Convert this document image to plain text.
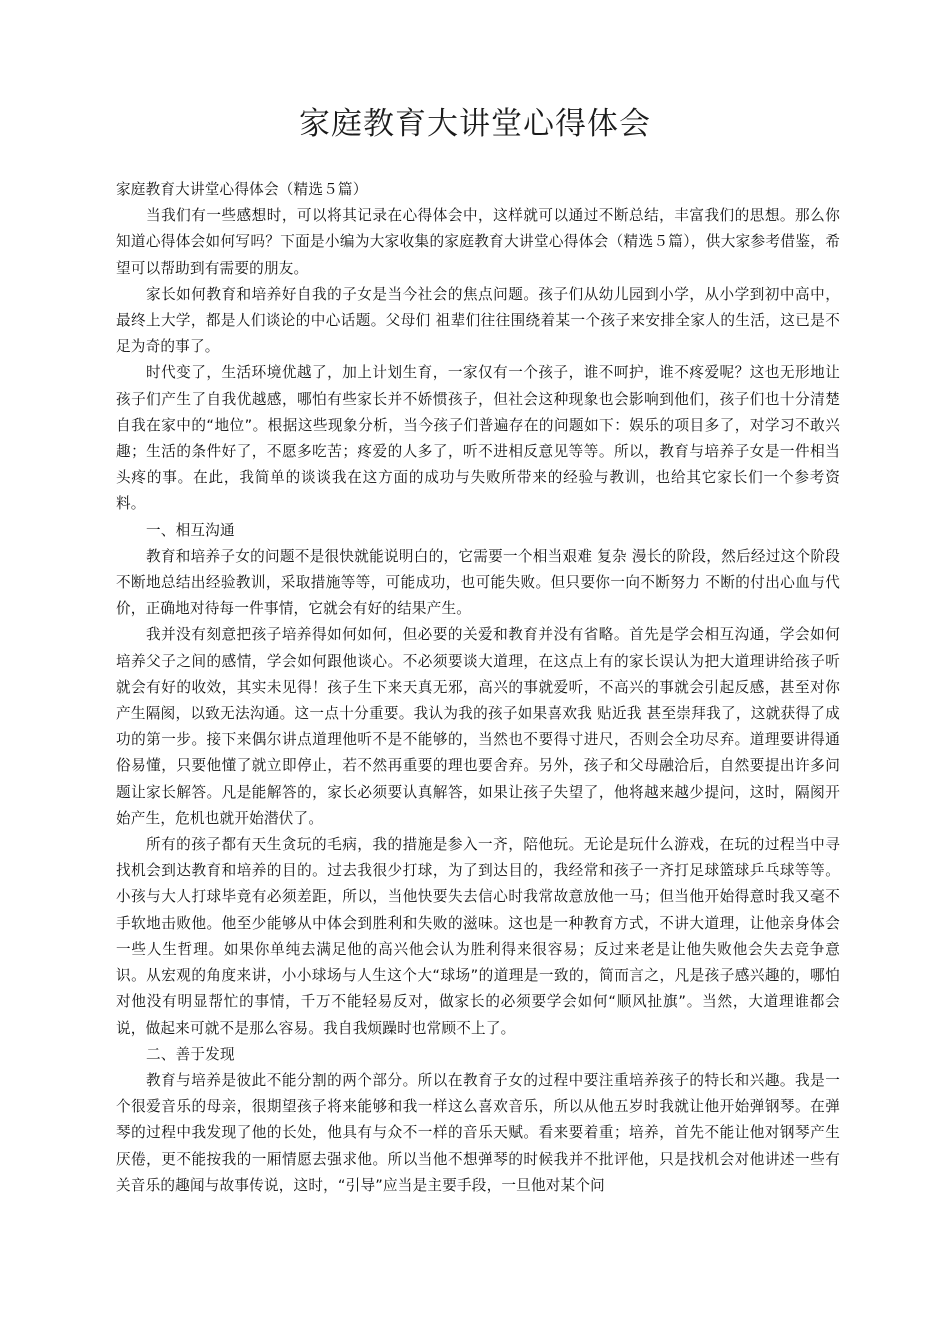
家庭教育大讲堂心得体会

家庭教育大讲堂心得体会（精选５篇）

当我们有一些感想时，可以将其记录在心得体会中，这样就可以通过不断总结，丰富我们的思想。那么你知道心得体会如何写吗？下面是小编为大家收集的家庭教育大讲堂心得体会（精选５篇），供大家参考借鉴，希望可以帮助到有需要的朋友。

家长如何教育和培养好自我的子女是当今社会的焦点问题。孩子们从幼儿园到小学，从小学到初中高中，最终上大学，都是人们谈论的中心话题。父母们 祖辈们往往围绕着某一个孩子来安排全家人的生活，这已是不足为奇的事了。

时代变了，生活环境优越了，加上计划生育，一家仅有一个孩子，谁不呵护，谁不疼爱呢？这也无形地让孩子们产生了自我优越感，哪怕有些家长并不娇惯孩子，但社会这种现象也会影响到他们，孩子们也十分清楚自我在家中的“地位”。根据这些现象分析，当今孩子们普遍存在的问题如下：娱乐的项目多了，对学习不敢兴趣；生活的条件好了，不愿多吃苦；疼爱的人多了，听不进相反意见等等。所以，教育与培养子女是一件相当头疼的事。在此，我简单的谈谈我在这方面的成功与失败所带来的经验与教训，也给其它家长们一个参考资料。

一、相互沟通

教育和培养子女的问题不是很快就能说明白的，它需要一个相当艰难 复杂 漫长的阶段，然后经过这个阶段不断地总结出经验教训，采取措施等等，可能成功，也可能失败。但只要你一向不断努力 不断的付出心血与代价，正确地对待每一件事情，它就会有好的结果产生。

我并没有刻意把孩子培养得如何如何，但必要的关爱和教育并没有省略。首先是学会相互沟通，学会如何培养父子之间的感情，学会如何跟他谈心。不必须要谈大道理，在这点上有的家长误认为把大道理讲给孩子听就会有好的收效，其实未见得！孩子生下来天真无邪，高兴的事就爱听，不高兴的事就会引起反感，甚至对你产生隔阂，以致无法沟通。这一点十分重要。我认为我的孩子如果喜欢我 贴近我 甚至崇拜我了，这就获得了成功的第一步。接下来偶尔讲点道理他听不是不能够的，当然也不要得寸进尺，否则会全功尽弃。道理要讲得通俗易懂，只要他懂了就立即停止，若不然再重要的理也要舍弃。另外，孩子和父母融洽后，自然要提出许多问题让家长解答。凡是能解答的，家长必须要认真解答，如果让孩子失望了，他将越来越少提问，这时，隔阂开始产生，危机也就开始潜伏了。

所有的孩子都有天生贪玩的毛病，我的措施是参入一齐，陪他玩。无论是玩什么游戏，在玩的过程当中寻找机会到达教育和培养的目的。过去我很少打球，为了到达目的，我经常和孩子一齐打足球篮球乒乓球等等。小孩与大人打球毕竟有必须差距，所以，当他快要失去信心时我常故意放他一马；但当他开始得意时我又毫不手软地击败他。他至少能够从中体会到胜利和失败的滋味。这也是一种教育方式，不讲大道理，让他亲身体会一些人生哲理。如果你单纯去满足他的高兴他会认为胜利得来很容易；反过来老是让他失败他会失去竞争意识。从宏观的角度来讲，小小球场与人生这个大“球场”的道理是一致的，简而言之，凡是孩子感兴趣的，哪怕对他没有明显帮忙的事情，千万不能轻易反对，做家长的必须要学会如何“顺风扯旗”。当然，大道理谁都会说，做起来可就不是那么容易。我自我烦躁时也常顾不上了。

二、善于发现

教育与培养是彼此不能分割的两个部分。所以在教育子女的过程中要注重培养孩子的特长和兴趣。我是一个很爱音乐的母亲，很期望孩子将来能够和我一样这么喜欢音乐，所以从他五岁时我就让他开始弹钢琴。在弹琴的过程中我发现了他的长处，他具有与众不一样的音乐天赋。看来要着重；培养，首先不能让他对钢琴产生厌倦，更不能按我的一厢情愿去强求他。所以当他不想弹琴的时候我并不批评他，只是找机会对他讲述一些有关音乐的趣闻与故事传说，这时，“引导”应当是主要手段，一旦他对某个问
